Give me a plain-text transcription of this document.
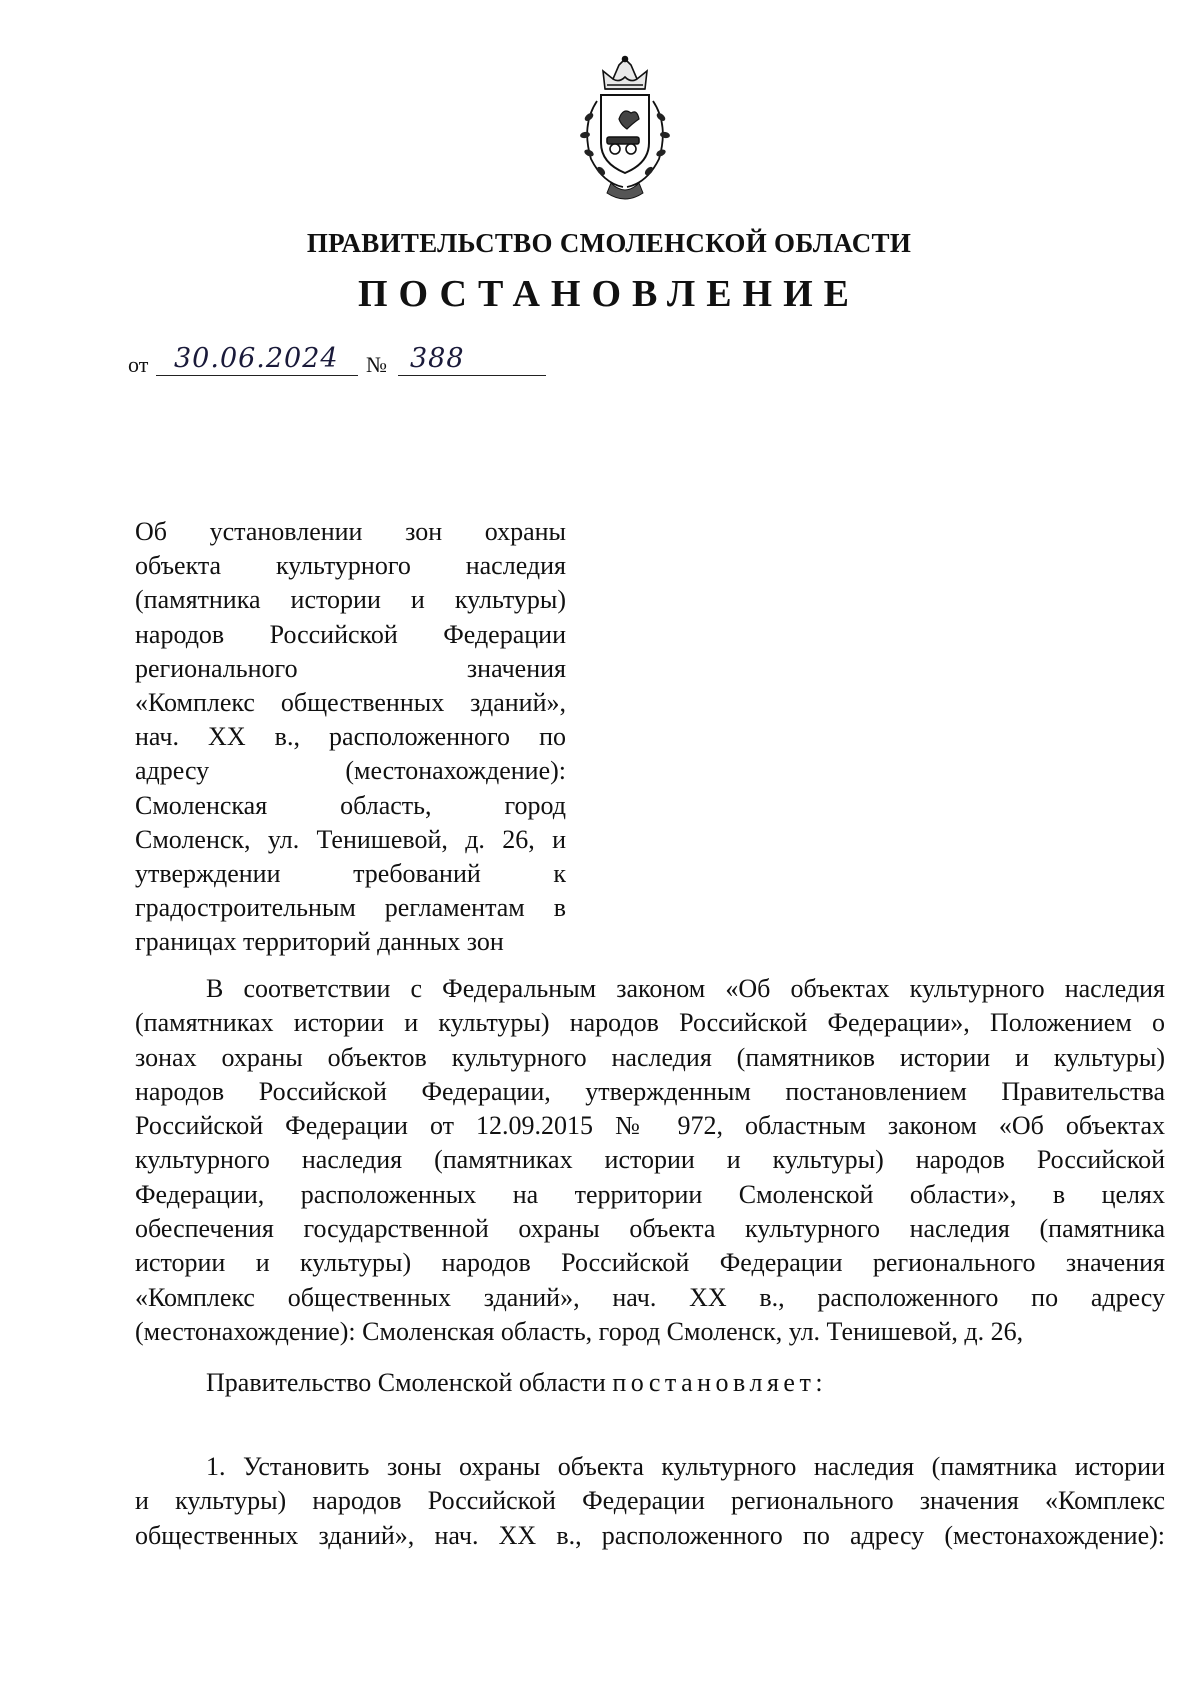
ПРАВИТЕЛЬСТВО СМОЛЕНСКОЙ ОБЛАСТИ
ПОСТАНОВЛЕНИЕ
от 30.06.2024 № 388
Об установлении зон охраны
объекта культурного наследия
(памятника истории и культуры)
народов Российской Федерации
регионального значения
«Комплекс общественных зданий»,
нач. XX в., расположенного по
адресу (местонахождение):
Смоленская область, город
Смоленск, ул. Тенишевой, д. 26, и
утверждении требований к
градостроительным регламентам в
границах территорий данных зон
В соответствии с Федеральным законом «Об объектах культурного наследия
(памятниках истории и культуры) народов Российской Федерации», Положением о
зонах охраны объектов культурного наследия (памятников истории и культуры)
народов Российской Федерации, утвержденным постановлением Правительства
Российской Федерации от 12.09.2015 № 972, областным законом «Об объектах
культурного наследия (памятниках истории и культуры) народов Российской
Федерации, расположенных на территории Смоленской области», в целях
обеспечения государственной охраны объекта культурного наследия (памятника
истории и культуры) народов Российской Федерации регионального значения
«Комплекс общественных зданий», нач. XX в., расположенного по адресу
(местонахождение): Смоленская область, город Смоленск, ул. Тенишевой, д. 26,
Правительство Смоленской области постановляет:
1. Установить зоны охраны объекта культурного наследия (памятника истории
и культуры) народов Российской Федерации регионального значения «Комплекс
общественных зданий», нач. XX в., расположенного по адресу (местонахождение):
